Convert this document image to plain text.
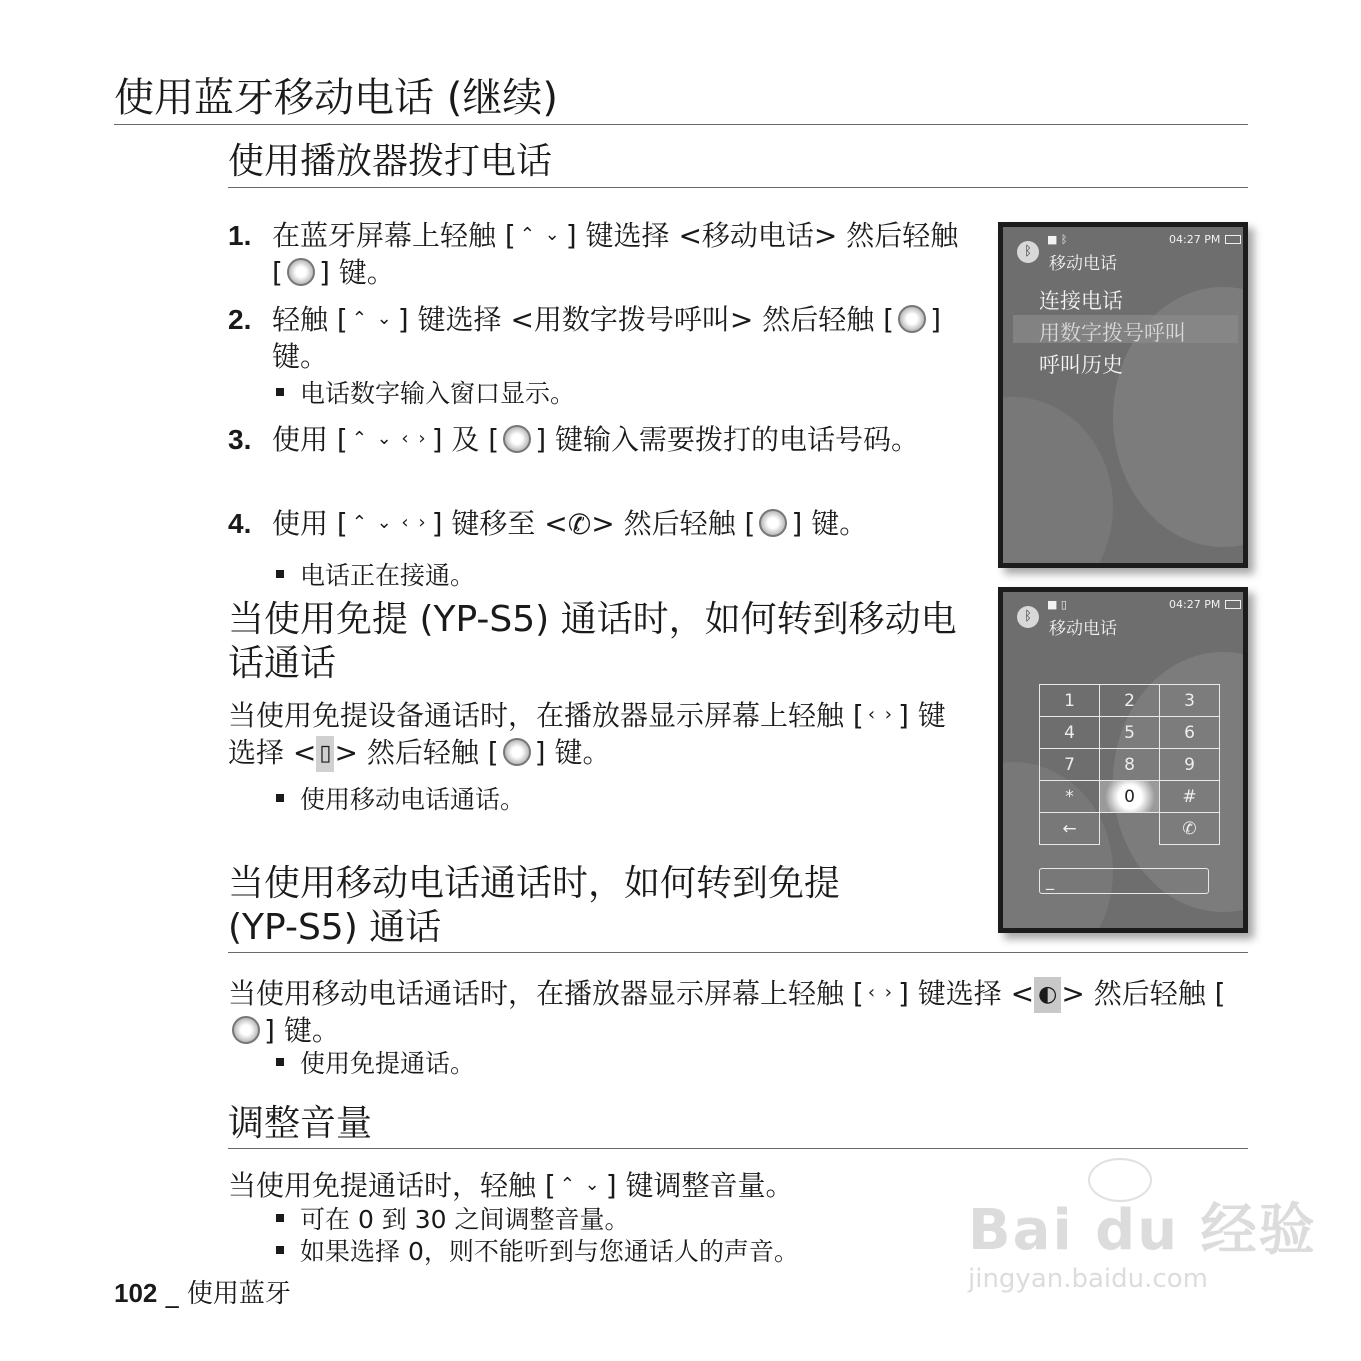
使用蓝牙移动电话 (继续)
使用播放器拨打电话
1. 在蓝牙屏幕上轻触 [ ⌃ ⌄ ] 键选择 <移动电话> 然后轻触 [ ] 键。
2. 轻触 [ ⌃ ⌄ ] 键选择 <用数字拨号呼叫> 然后轻触 [ ] 键。
电话数字输入窗口显示。
3. 使用 [ ⌃ ⌄ ‹ › ] 及 [ ] 键输入需要拨打的电话号码。
4. 使用 [ ⌃ ⌄ ‹ › ] 键移至 <✆> 然后轻触 [ ] 键。
电话正在接通。
当使用免提 (YP-S5) 通话时，如何转到移动电话通话
当使用免提设备通话时，在播放器显示屏幕上轻触 [ ‹ › ] 键选择 < ▯ > 然后轻触 [ ] 键。
使用移动电话通话。
当使用移动电话通话时，如何转到免提 (YP-S5) 通话
当使用移动电话通话时，在播放器显示屏幕上轻触 [ ‹ › ] 键选择 < ◐ > 然后轻触 [] 键。
使用免提通话。
调整音量
当使用免提通话时，轻触 [ ⌃ ⌄ ] 键调整音量。
可在 0 到 30 之间调整音量。
如果选择 0，则不能听到与您通话人的声音。
102 _ 使用蓝牙
ᛒ
■ ᛒ	04:27 PM
移动电话
连接电话
用数字拨号呼叫
呼叫历史
ᛒ
■ ▯	04:27 PM
移动电话
1	2	3
4	5	6
7	8	9
*	0	#
←		✆
_
Bai du 经验
jingyan.baidu.com
